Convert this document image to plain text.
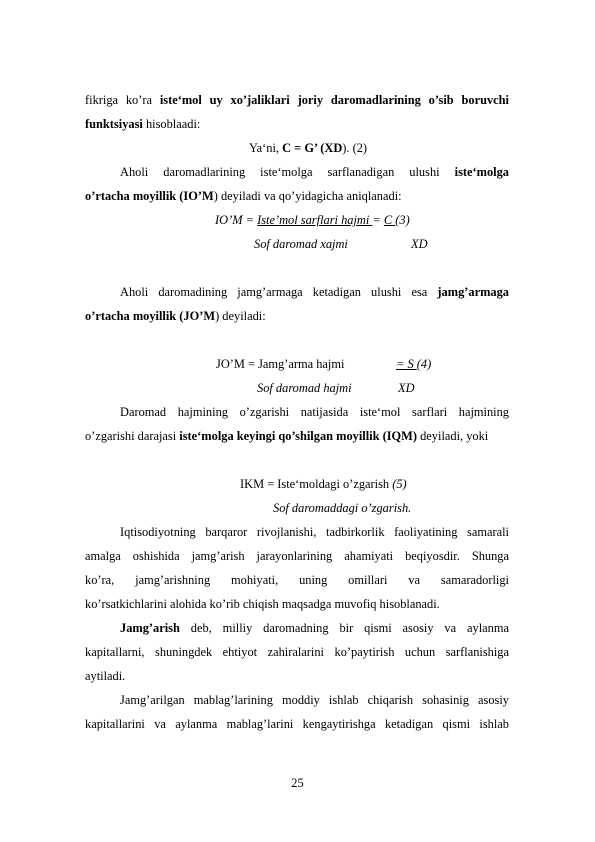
fikriga ko’ra iste‘mol uy xo’jaliklari joriy daromadlarining o’sib boruvchi
funktsiyasi hisoblaadi:
Ya‘ni, C = G’ (XD). (2)
Aholi daromadlarining iste‘molga sarflanadigan ulushi iste‘molga
o’rtacha moyillik (IO’M) deyiladi va qo’yidagicha aniqlanadi:
IO’M = Iste’mol sarflari hajmi = C (3)
Sof daromad xajmi	XD
Aholi daromadining jamg’armaga ketadigan ulushi esa jamg’armaga
o’rtacha moyillik (JO’M) deyiladi:
JO’M = Jamg’arma hajmi	= S (4)
Sof daromad hajmi	XD
Daromad hajmining o’zgarishi natijasida iste‘mol sarflari hajmining
o’zgarishi darajasi iste‘molga keyingi qo’shilgan moyillik (IQM) deyiladi, yoki
IKM = Iste‘moldagi o’zgarish (5)
Sof daromaddagi o’zgarish.
Iqtisodiyotning barqaror rivojlanishi, tadbirkorlik faoliyatining samarali
amalga oshishida jamg’arish jarayonlarining ahamiyati beqiyosdir. Shunga
ko’ra, jamg’arishning mohiyati, uning omillari va samaradorligi
ko’rsatkichlarini alohida ko’rib chiqish maqsadga muvofiq hisoblanadi.
Jamg’arish deb, milliy daromadning bir qismi asosiy va aylanma
kapitallarni, shuningdek ehtiyot zahiralarini ko’paytirish uchun sarflanishiga
aytiladi.
Jamg’arilgan mablag’larining moddiy ishlab chiqarish sohasinig asosiy
kapitallarini va aylanma mablag’larini kengaytirishga ketadigan qismi ishlab
25
